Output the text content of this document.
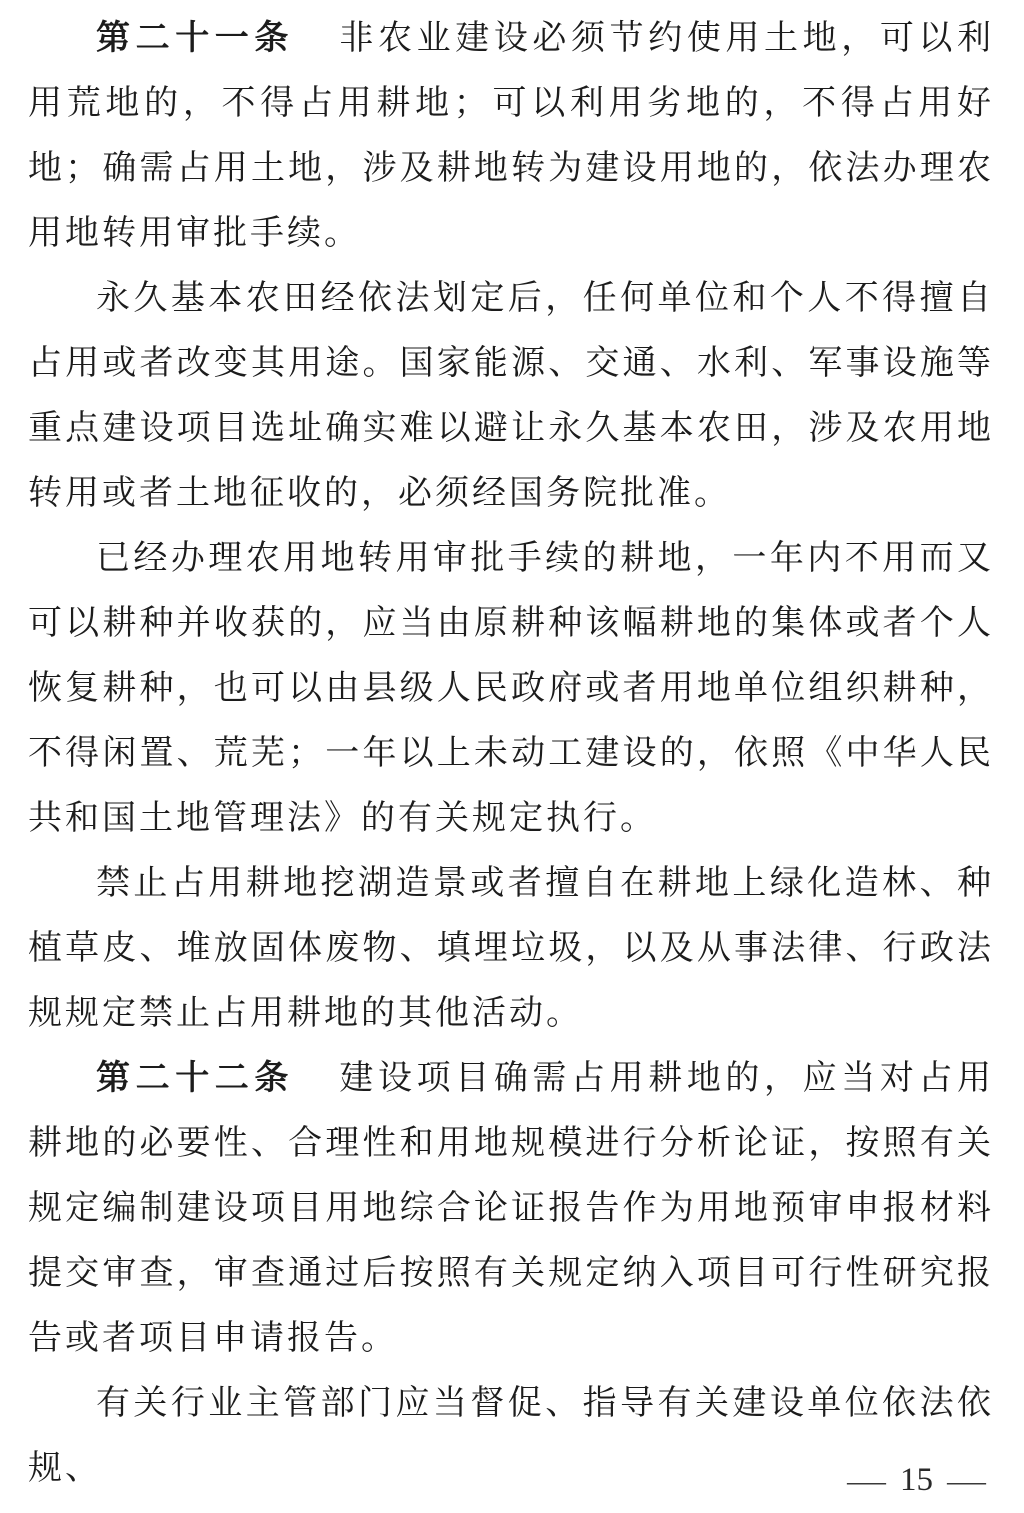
第二十一条 非农业建设必须节约使用土地，可以利用荒地的，不得占用耕地；可以利用劣地的，不得占用好地；确需占用土地，涉及耕地转为建设用地的，依法办理农用地转用审批手续。

永久基本农田经依法划定后，任何单位和个人不得擅自占用或者改变其用途。国家能源、交通、水利、军事设施等重点建设项目选址确实难以避让永久基本农田，涉及农用地转用或者土地征收的，必须经国务院批准。

已经办理农用地转用审批手续的耕地，一年内不用而又可以耕种并收获的，应当由原耕种该幅耕地的集体或者个人恢复耕种，也可以由县级人民政府或者用地单位组织耕种，不得闲置、荒芜；一年以上未动工建设的，依照《中华人民共和国土地管理法》的有关规定执行。

禁止占用耕地挖湖造景或者擅自在耕地上绿化造林、种植草皮、堆放固体废物、填埋垃圾，以及从事法律、行政法规规定禁止占用耕地的其他活动。

第二十二条 建设项目确需占用耕地的，应当对占用耕地的必要性、合理性和用地规模进行分析论证，按照有关规定编制建设项目用地综合论证报告作为用地预审申报材料提交审查，审查通过后按照有关规定纳入项目可行性研究报告或者项目申请报告。

有关行业主管部门应当督促、指导有关建设单位依法依规、	— 15 —
